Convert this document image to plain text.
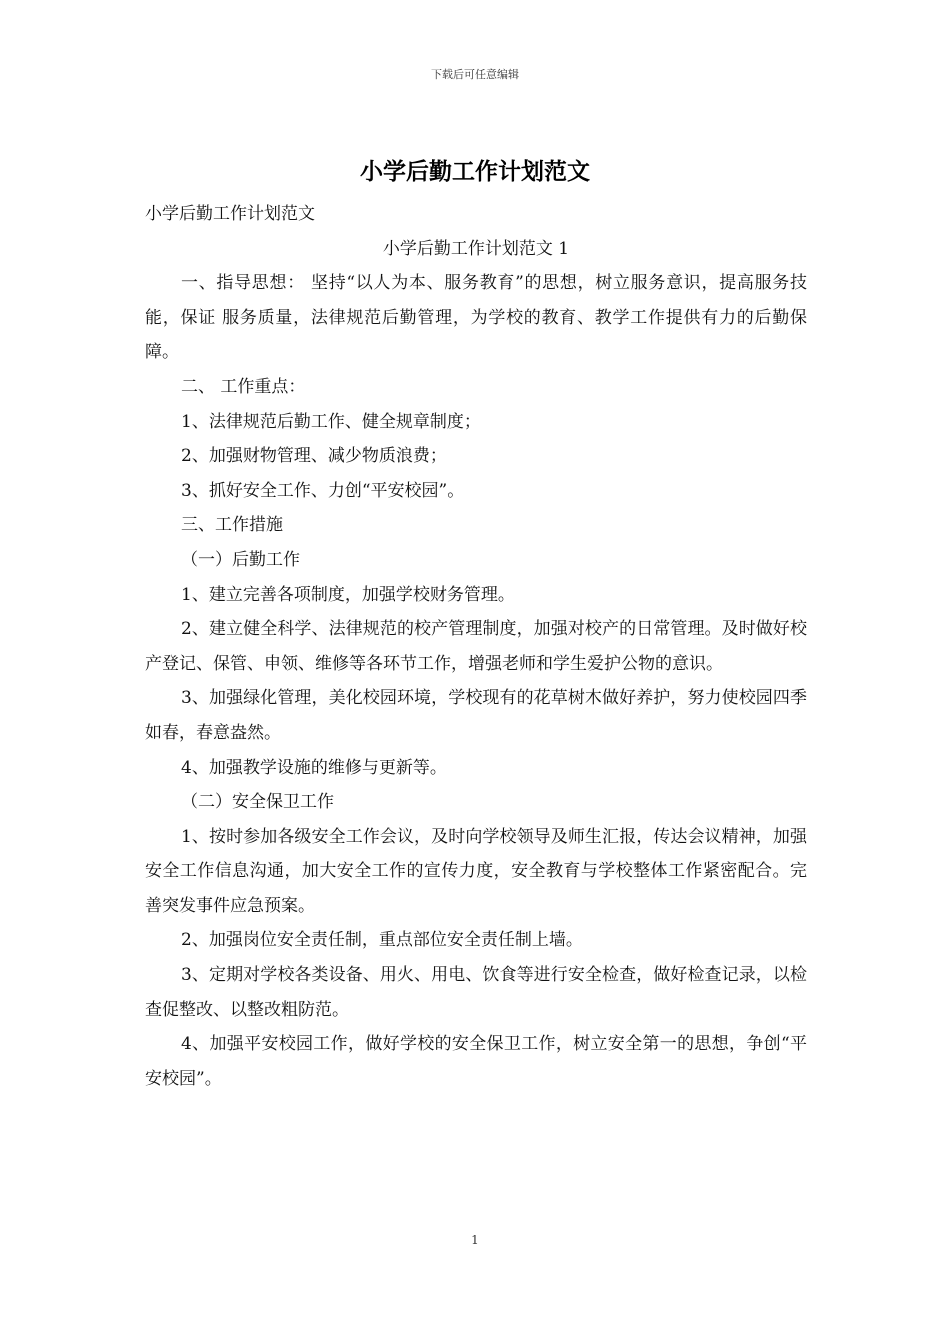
下载后可任意编辑
小学后勤工作计划范文

小学后勤工作计划范文

小学后勤工作计划范文 1

一、指导思想： 坚持“以人为本、服务教育”的思想，树立服务意识，提高服务技能，保证 服务质量，法律规范后勤管理，为学校的教育、教学工作提供有力的后勤保障。

二、 工作重点：

1、法律规范后勤工作、健全规章制度；

2、加强财物管理、减少物质浪费；

3、抓好安全工作、力创“平安校园”。

三、工作措施

（一）后勤工作

1、建立完善各项制度，加强学校财务管理。

2、建立健全科学、法律规范的校产管理制度，加强对校产的日常管理。及时做好校产登记、保管、申领、维修等各环节工作，增强老师和学生爱护公物的意识。

3、加强绿化管理，美化校园环境，学校现有的花草树木做好养护，努力使校园四季如春，春意盎然。

4、加强教学设施的维修与更新等。

（二）安全保卫工作

1、按时参加各级安全工作会议，及时向学校领导及师生汇报，传达会议精神，加强安全工作信息沟通，加大安全工作的宣传力度，安全教育与学校整体工作紧密配合。完善突发事件应急预案。

2、加强岗位安全责任制，重点部位安全责任制上墙。

3、定期对学校各类设备、用火、用电、饮食等进行安全检查，做好检查记录，以检查促整改、以整改粗防范。

4、加强平安校园工作，做好学校的安全保卫工作，树立安全第一的思想，争创“平安校园”。

1
